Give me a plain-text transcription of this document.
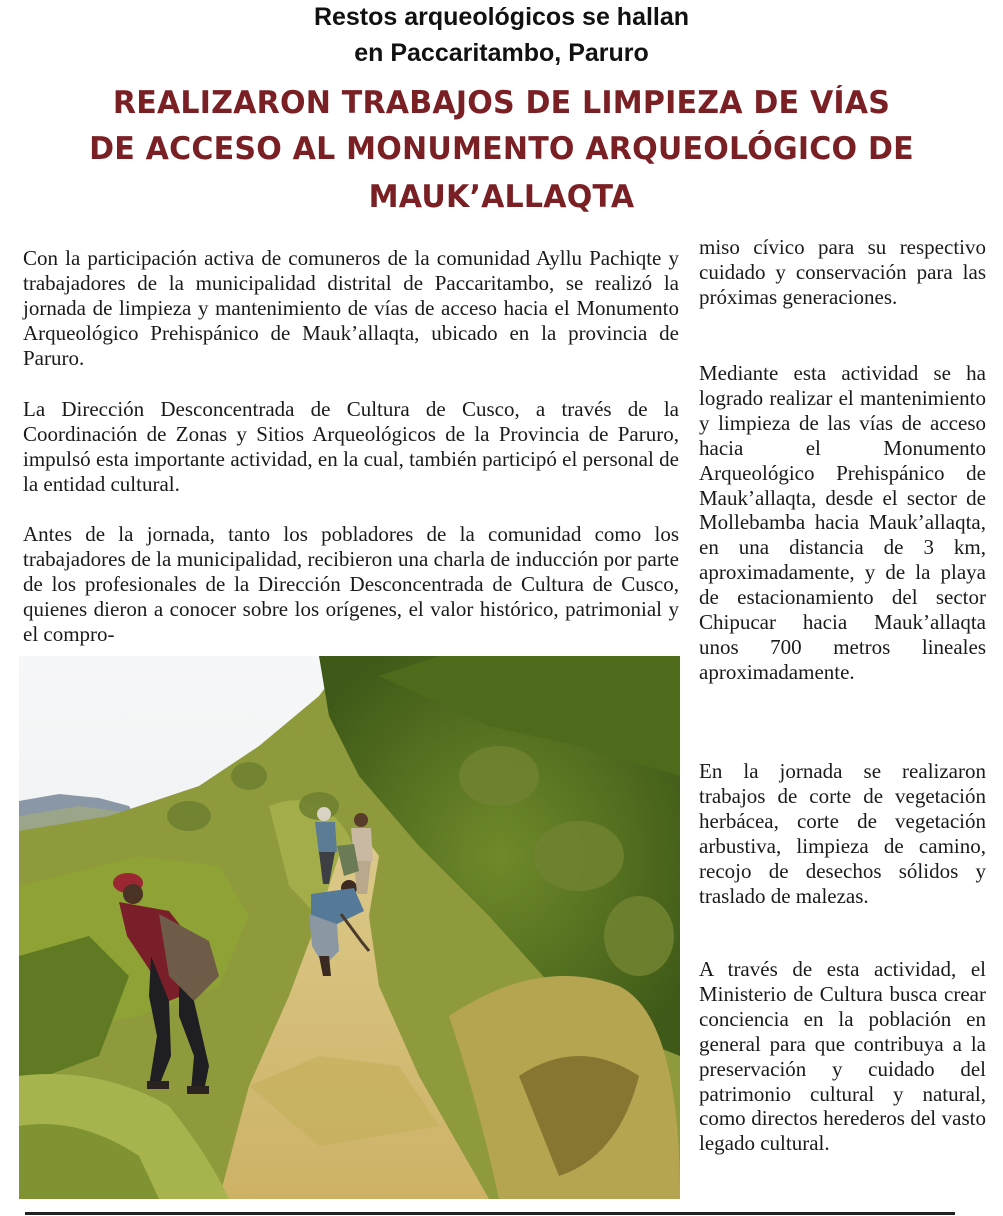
Restos arqueológicos se hallan
en Paccaritambo, Paruro
REALIZARON TRABAJOS DE LIMPIEZA DE VÍAS
DE ACCESO AL MONUMENTO ARQUEOLÓGICO DE
MAUK’ALLAQTA

Con la participación activa de comuneros de la comunidad Ayllu Pachiqte y trabajadores de la municipalidad distrital de Paccaritambo, se realizó la jornada de limpieza y mantenimiento de vías de acceso hacia el Monumento Arqueológico Prehispánico de Mauk’allaqta, ubicado en la provincia de Paruro.

La Dirección Desconcentrada de Cultura de Cusco, a través de la Coordinación de Zonas y Sitios Arqueológicos de la Provincia de Paruro, impulsó esta importante actividad, en la cual, también participó el personal de la entidad cultural.

Antes de la jornada, tanto los pobladores de la comunidad como los trabajadores de la municipalidad, recibieron una charla de inducción por parte de los profesionales de la Dirección Desconcentrada de Cultura de Cusco, quienes dieron a conocer sobre los orígenes, el valor histórico, patrimonial y el compro-

miso cívico para su respectivo cuidado y conservación para las próximas generaciones.

Mediante esta actividad se ha logrado realizar el mantenimiento y limpieza de las vías de acceso hacia el Monumento Arqueológico Prehispánico de Mauk’allaqta, desde el sector de Mollebamba hacia Mauk’allaqta, en una distancia de 3 km, aproximadamente, y de la playa de estacionamiento del sector Chipucar hacia Mauk’allaqta unos 700 metros lineales aproximadamente.

En la jornada se realizaron trabajos de corte de vegetación herbácea, corte de vegetación arbustiva, limpieza de camino, recojo de desechos sólidos y traslado de malezas.

A través de esta actividad, el Ministerio de Cultura busca crear conciencia en la población en general para que contribuya a la preservación y cuidado del patrimonio cultural y natural, como directos herederos del vasto legado cultural.
